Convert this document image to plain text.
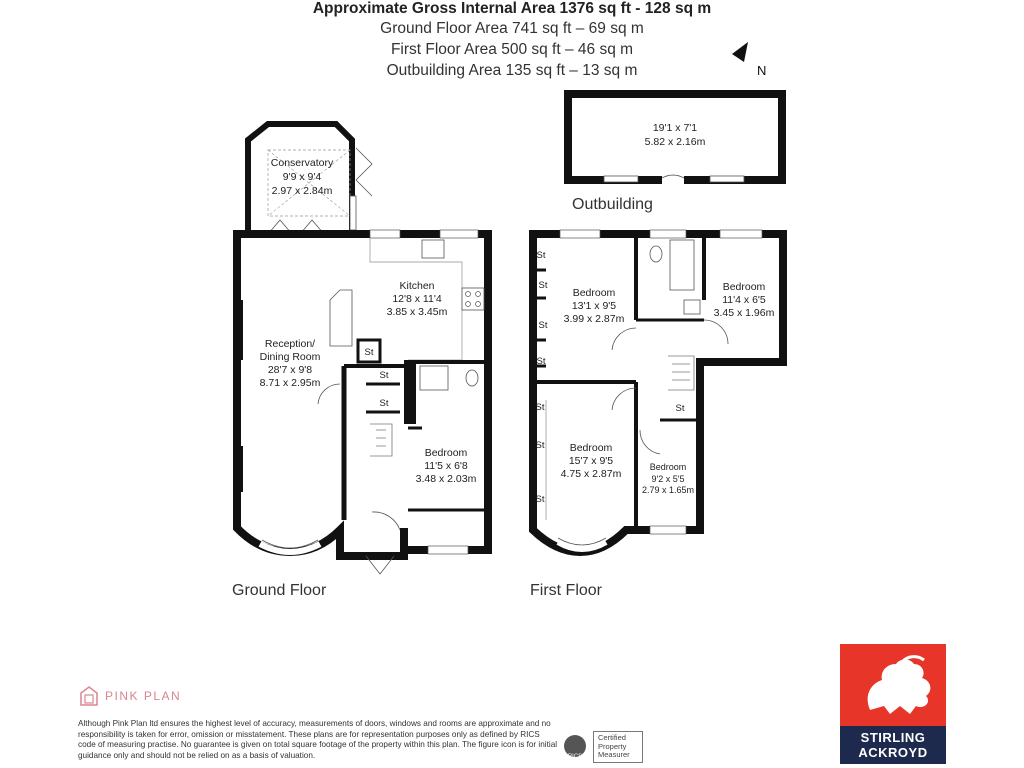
Approximate Gross Internal Area 1376 sq ft - 128 sq m
Ground Floor Area 741 sq ft – 69 sq m
First Floor Area 500 sq ft – 46 sq m
Outbuilding Area 135 sq ft – 13 sq m	N
19'1 x 7'1
5.82 x 2.16m
Conservatory
9'9 x 9'4
2.97 x 2.84m
Kitchen
12'8 x 11'4
3.85 x 3.45m
Reception/
Dining Room
28'7 x 9'8
8.71 x 2.95m
Bedroom
11'5 x 6'8
3.48 x 2.03m
St
St
St
Bedroom
13'1 x 9'5
3.99 x 2.87m
Bedroom
11'4 x 6'5
3.45 x 1.96m
Bedroom
15'7 x 9'5
4.75 x 2.87m
Bedroom
9'2 x 5'5
2.79 x 1.65m
St
St
St
St
St
St
St
St
Outbuilding
Ground Floor	First Floor
PINK PLAN
Although Pink Plan ltd ensures the highest level of accuracy, measurements of doors, windows and rooms are approximate and no responsibility is taken for error, omission or misstatement. These plans are for representation purposes only as defined by RICS code of measuring practise. No guarantee is given on total square footage of the property within this plan. The figure icon is for initial guidance only and should not be relied on as a basis of valuation.	RICS
Certified Property Measurer
STIRLING
ACKROYD
